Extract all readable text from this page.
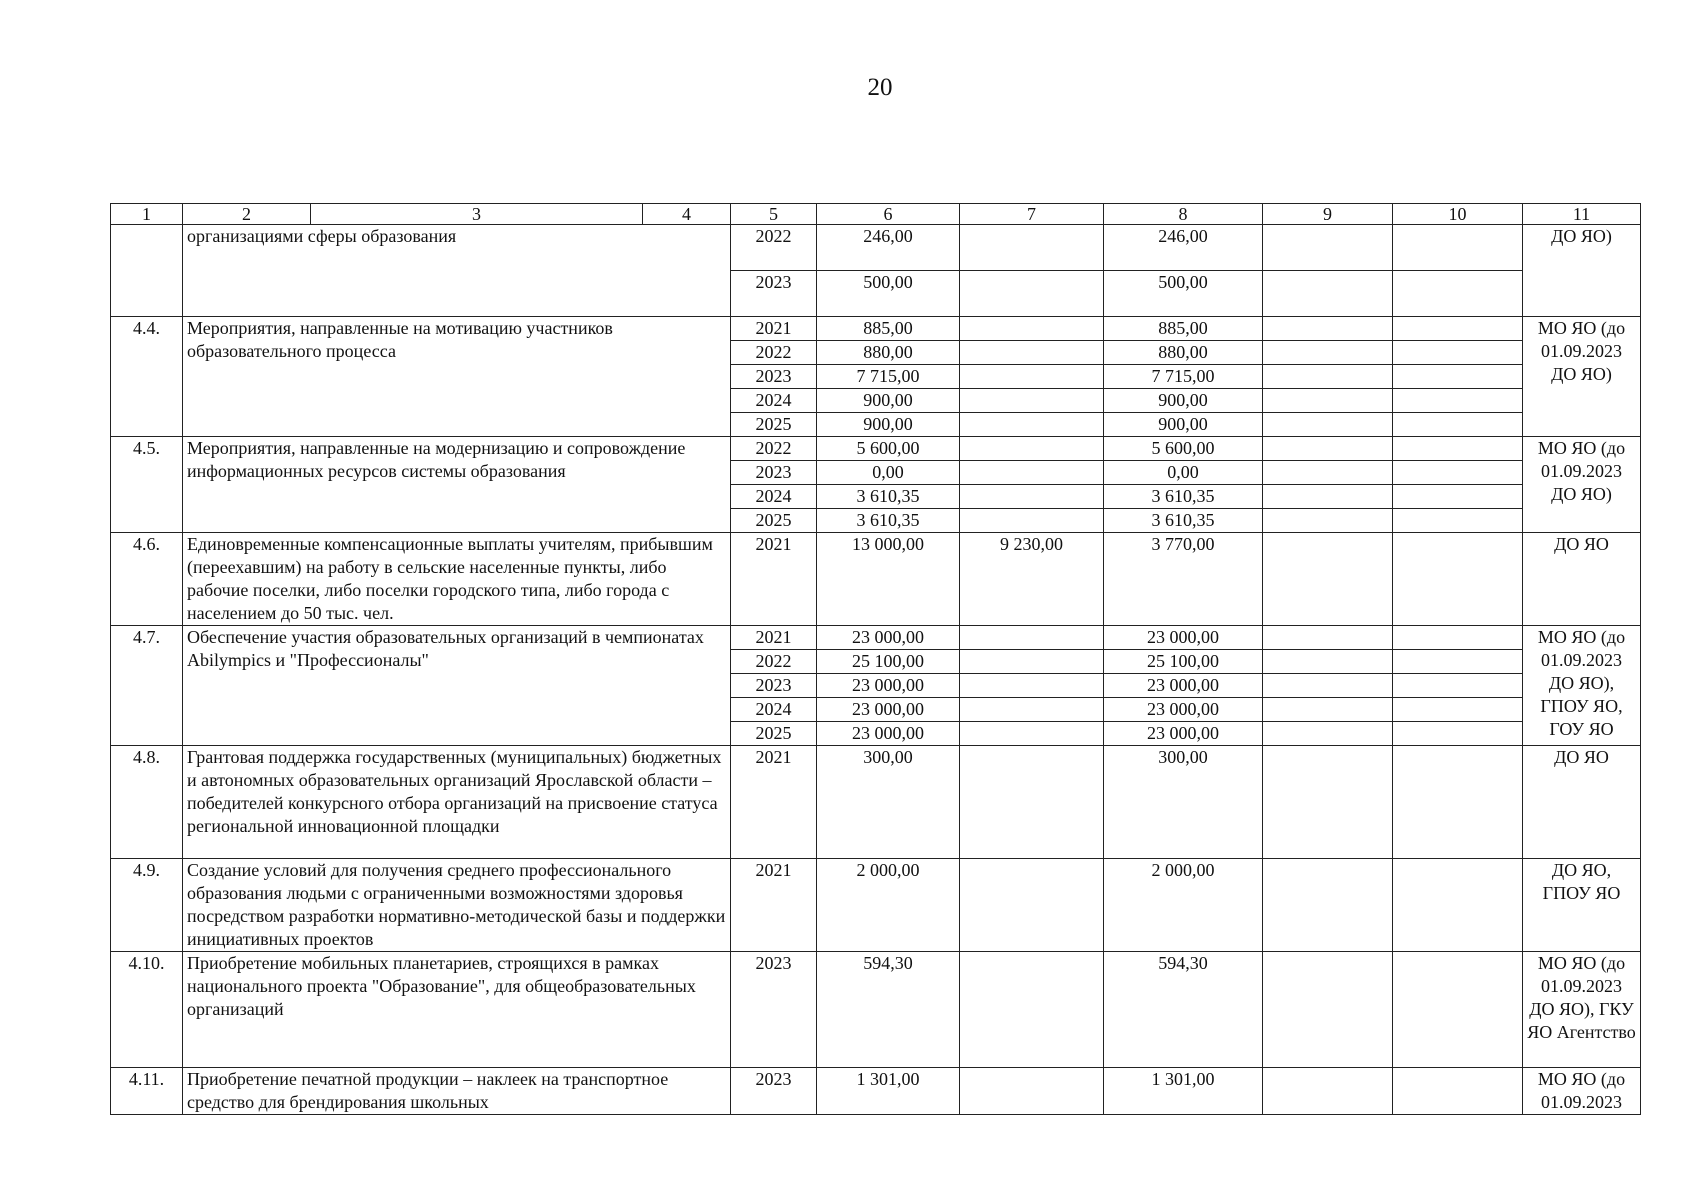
20
1	2	3	4	5	6	7	8	9	10	11
	организациями сферы образования			2022	246,00		246,00			ДО ЯО)
				2023	500,00		500,00			
4.4.	Мероприятия, направленные на мотивацию участников образовательного процесса			2021	885,00		885,00			МО ЯО (до 01.09.2023 ДО ЯО)
				2022	880,00		880,00			
				2023	7 715,00		7 715,00			
				2024	900,00		900,00			
				2025	900,00		900,00			
4.5.	Мероприятия, направленные на модернизацию и сопровождение информационных ресурсов системы образования			2022	5 600,00		5 600,00			МО ЯО (до 01.09.2023 ДО ЯО)
				2023	0,00		0,00			
				2024	3 610,35		3 610,35			
				2025	3 610,35		3 610,35			
4.6.	Единовременные компенсационные выплаты учителям, прибывшим (переехавшим) на работу в сельские населенные пункты, либо рабочие поселки, либо поселки городского типа, либо города с населением до 50 тыс. чел.			2021	13 000,00	9 230,00	3 770,00			ДО ЯО
4.7.	Обеспечение участия образовательных организаций в чемпионатах Abilympics и "Профессионалы"			2021	23 000,00		23 000,00			МО ЯО (до 01.09.2023 ДО ЯО), ГПОУ ЯО, ГОУ ЯО
				2022	25 100,00		25 100,00			
				2023	23 000,00		23 000,00			
				2024	23 000,00		23 000,00			
				2025	23 000,00		23 000,00			
4.8.	Грантовая поддержка государственных (муниципальных) бюджетных и автономных образовательных организаций Ярославской области – победителей конкурсного отбора организаций на присвоение статуса региональной инновационной площадки			2021	300,00		300,00			ДО ЯО
4.9.	Создание условий для получения среднего профессионального образования людьми с ограниченными возможностями здоровья посредством разработки нормативно-методической базы и поддержки инициативных проектов			2021	2 000,00		2 000,00			ДО ЯО, ГПОУ ЯО
4.10.	Приобретение мобильных планетариев, строящихся в рамках национального проекта "Образование", для общеобразовательных организаций			2023	594,30		594,30			МО ЯО (до 01.09.2023 ДО ЯО), ГКУ ЯО Агентство
4.11.	Приобретение печатной продукции – наклеек на транспортное средство для брендирования школьных			2023	1 301,00		1 301,00			МО ЯО (до 01.09.2023
